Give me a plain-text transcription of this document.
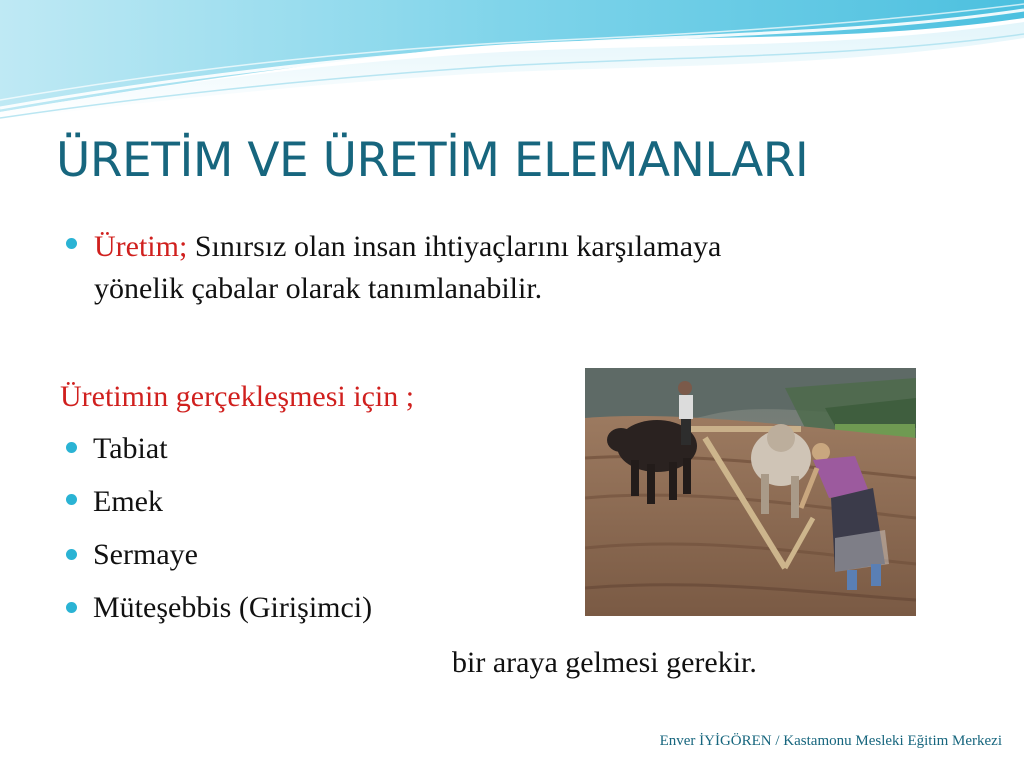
ÜRETİM VE ÜRETİM ELEMANLARI
Üretim; Sınırsız olan insan ihtiyaçlarını karşılamaya
yönelik çabalar olarak tanımlanabilir.
Üretimin gerçekleşmesi için ;
Tabiat
Emek
Sermaye
Müteşebbis (Girişimci)
bir araya gelmesi gerekir.
Enver İYİGÖREN / Kastamonu Mesleki Eğitim Merkezi
